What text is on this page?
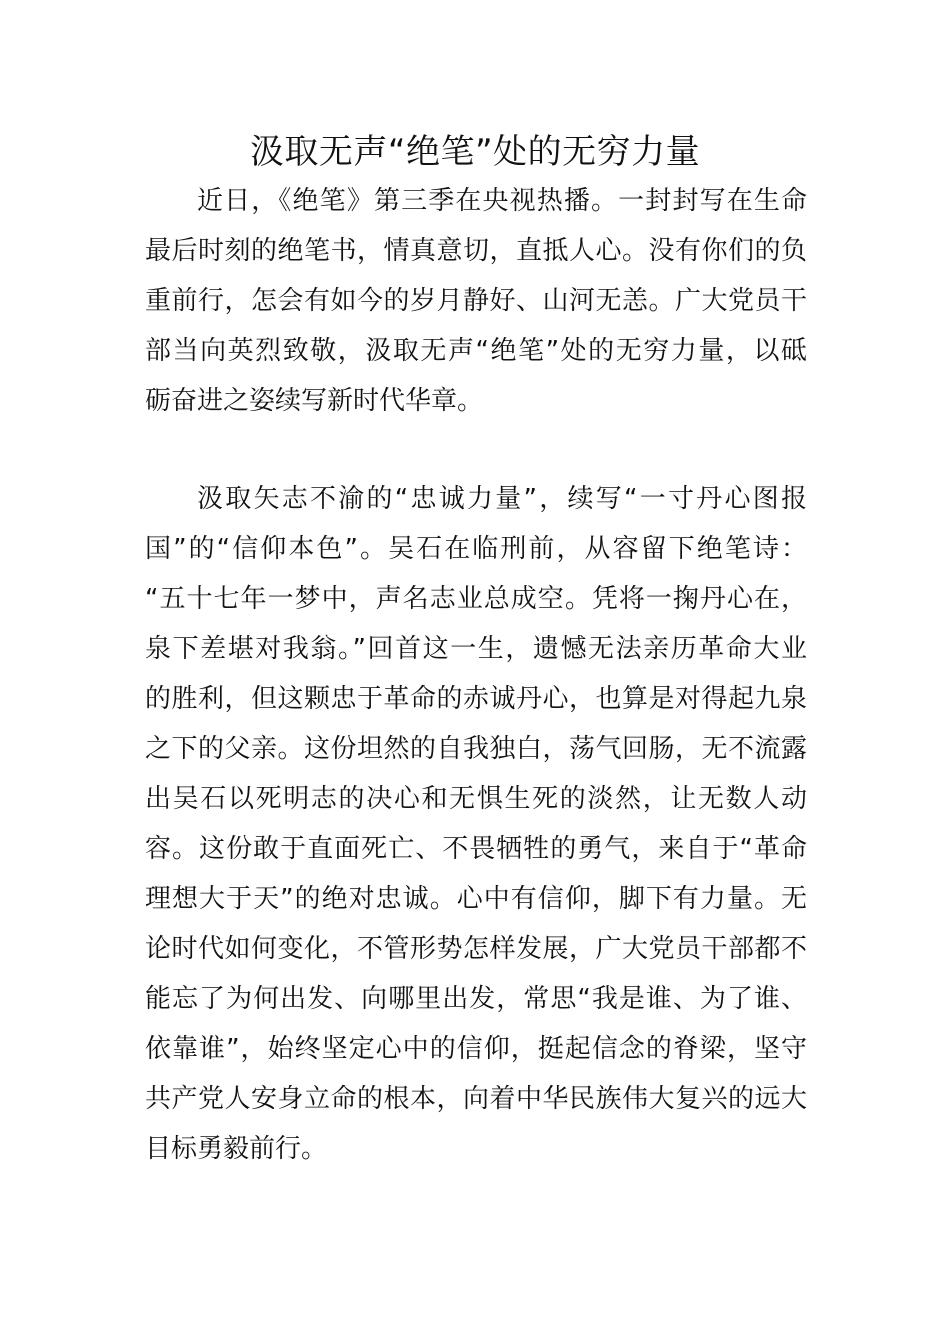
汲取无声“绝笔”处的无穷力量
近日，《绝笔》第三季在央视热播。一封封写在生命
最后时刻的绝笔书，情真意切，直抵人心。没有你们的负
重前行，怎会有如今的岁月静好、山河无恙。广大党员干
部当向英烈致敬，汲取无声“绝笔”处的无穷力量，以砥
砺奋进之姿续写新时代华章。
汲取矢志不渝的“忠诚力量”，续写“一寸丹心图报
国”的“信仰本色”。吴石在临刑前，从容留下绝笔诗：
“五十七年一梦中，声名志业总成空。凭将一掬丹心在，
泉下差堪对我翁。”回首这一生，遗憾无法亲历革命大业
的胜利，但这颗忠于革命的赤诚丹心，也算是对得起九泉
之下的父亲。这份坦然的自我独白，荡气回肠，无不流露
出吴石以死明志的决心和无惧生死的淡然，让无数人动
容。这份敢于直面死亡、不畏牺牲的勇气，来自于“革命
理想大于天”的绝对忠诚。心中有信仰，脚下有力量。无
论时代如何变化，不管形势怎样发展，广大党员干部都不
能忘了为何出发、向哪里出发，常思“我是谁、为了谁、
依靠谁”，始终坚定心中的信仰，挺起信念的脊梁，坚守
共产党人安身立命的根本，向着中华民族伟大复兴的远大
目标勇毅前行。
